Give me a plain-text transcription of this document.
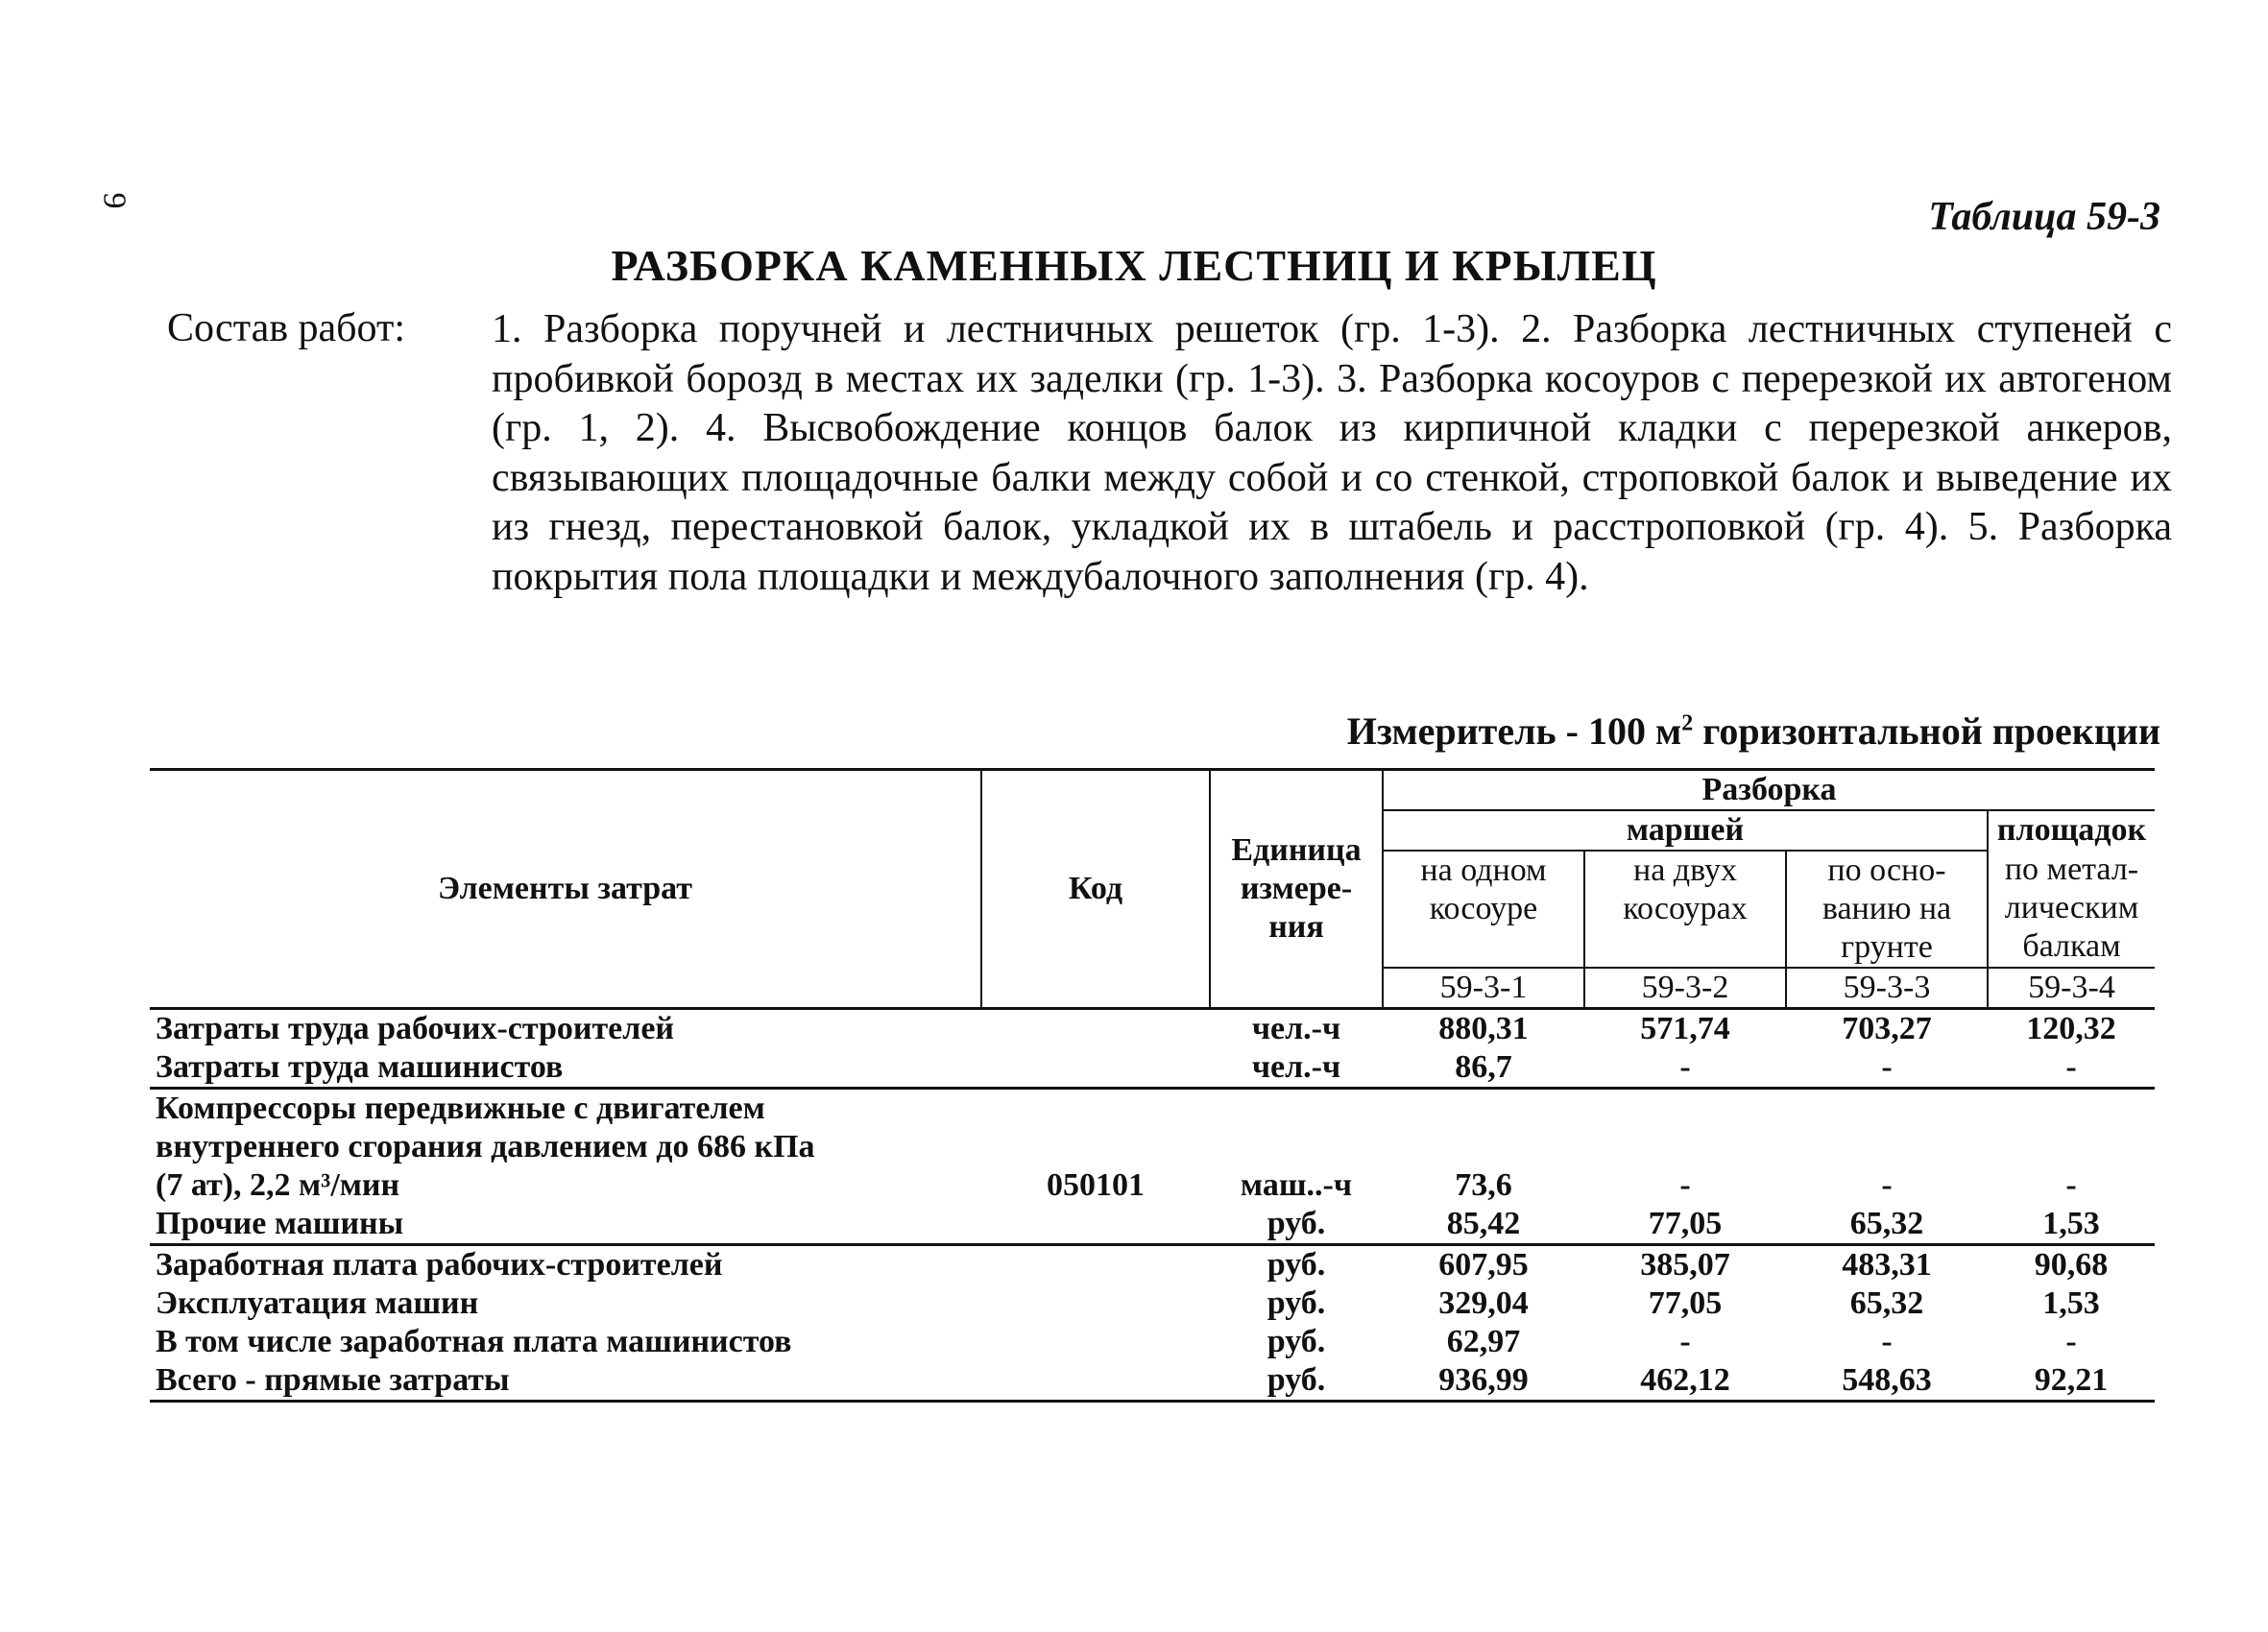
9	Таблица 59-3
РАЗБОРКА КАМЕННЫХ ЛЕСТНИЦ И КРЫЛЕЦ
Состав работ: 1. Разборка поручней и лестничных решеток (гр. 1-3). 2. Разборка лестничных ступеней с пробивкой борозд в местах их заделки (гр. 1-3). 3. Разборка косоуров с перерезкой их автогеном (гр. 1, 2). 4. Высвобождение концов балок из кирпичной кладки с перерезкой анкеров, связывающих площадочные балки между собой и со стенкой, строповкой балок и выведение их из гнезд, перестановкой балок, укладкой их в штабель и расстроповкой (гр. 4). 5. Разборка покрытия пола площадки и междубалочного заполнения (гр. 4).
Измеритель - 100 $м^2$ горизонтальной проекции
Элементы затрат	Код	Единица измере-ния	Разборка			
			маршей			площадок
			на одном косоуре	на двух косоурах	по осно-ванию на грунте	по метал-лическим балкам
			59-3-1	59-3-2	59-3-3	59-3-4
Затраты труда рабочих-строителей		чел.-ч	880,31	571,74	703,27	120,32
Затраты труда машинистов		чел.-ч	86,7	-	-	-

Компрессоры передвижные с двигателем
внутреннего сгорания давлением до 686 кПа
(7 ат), 2,2 м³/мин	050101	маш..-ч	73,6	-	-	-
Прочие машины		руб.	85,42	77,05	65,32	1,53
Заработная плата рабочих-строителей		руб.	607,95	385,07	483,31	90,68
Эксплуатация машин		руб.	329,04	77,05	65,32	1,53
В том числе заработная плата машинистов		руб.	62,97	-	-	-
Всего - прямые затраты		руб.	936,99	462,12	548,63	92,21
